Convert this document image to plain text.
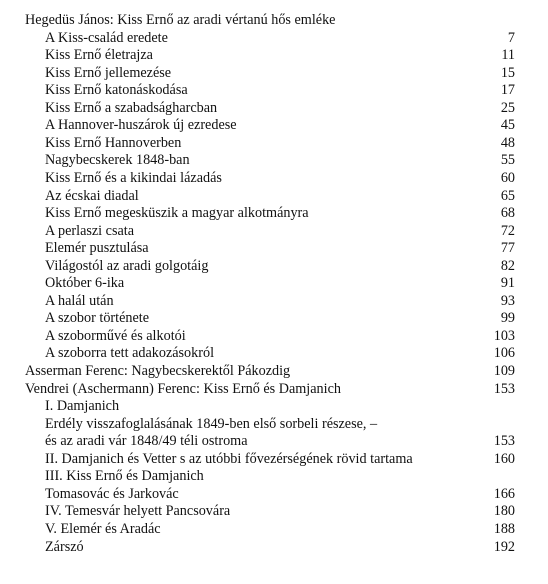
Hegedüs János: Kiss Ernő az aradi vértanú hős emléke
A Kiss-család eredete	7
Kiss Ernő életrajza	11
Kiss Ernő jellemezése	15
Kiss Ernő katonáskodása	17
Kiss Ernő a szabadságharcban	25
A Hannover-huszárok új ezredese	45
Kiss Ernő Hannoverben	48
Nagybecskerek 1848-ban	55
Kiss Ernő és a kikindai lázadás	60
Az écskai diadal	65
Kiss Ernő megesküszik a magyar alkotmányra	68
A perlaszi csata	72
Elemér pusztulása	77
Világostól az aradi golgotáig	82
Október 6-ika	91
A halál után	93
A szobor története	99
A szoborművé és alkotói	103
A szoborra tett adakozásokról	106
Asserman Ferenc: Nagybecskerektől Pákozdig	109
Vendrei (Aschermann) Ferenc: Kiss Ernő és Damjanich	153
I. Damjanich
Erdély visszafoglalásának 1849-ben első sorbeli részese, –
és az aradi vár 1848/49 téli ostroma	153
II. Damjanich és Vetter s az utóbbi fővezérségének rövid tartama	160
III. Kiss Ernő és Damjanich
Tomasovác és Jarkovác	166
IV. Temesvár helyett Pancsovára	180
V. Elemér és Aradác	188
Zárszó	192
